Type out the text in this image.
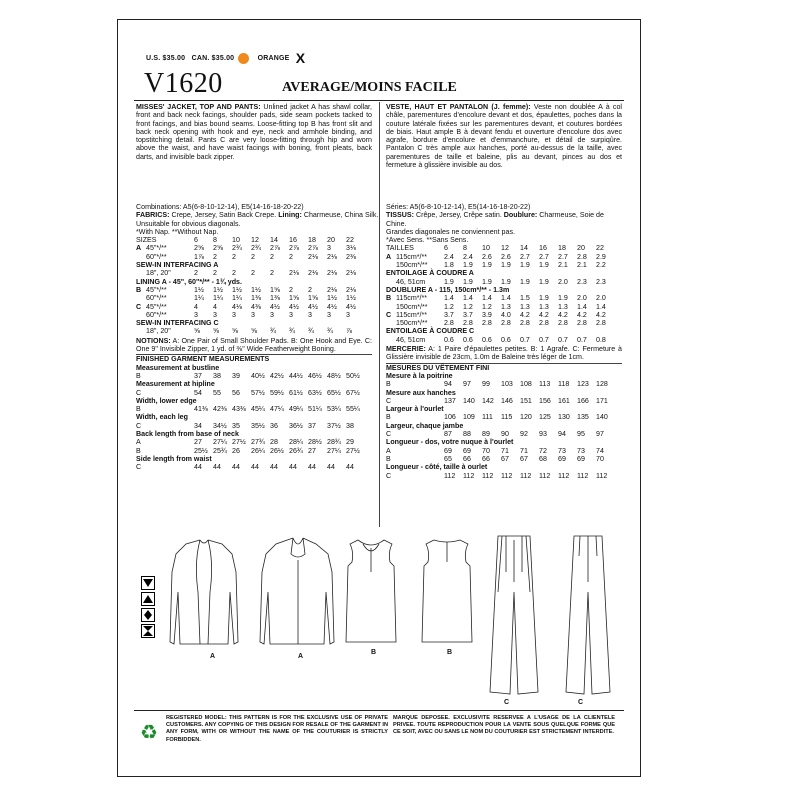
U.S. $35.00 CAN. $35.00	ORANGE X
V1620	AVERAGE/MOINS FACILE
MISSES' JACKET, TOP AND PANTS: Unlined jacket A has shawl collar, front and back neck facings, shoulder pads, side seam pockets tacked to front facings, and bias bound seams. Loose-fitting top B has front slit and back neck opening with hook and eye, neck and armhole binding, and topstitching detail. Pants C are very loose-fitting through hip and worn above the waist, and have waist facings with boning, front pleats, back darts, and invisible back zipper.
Combinations: A5(6-8-10-12-14), E5(14-16-18-20-22)
FABRICS: Crepe, Jersey, Satin Back Crepe. Lining: Charmeuse, China Silk.
Unsuitable for obvious diagonals.
*With Nap. **Without Nap.
SIZES		6	8	10	12	14	16	18	20	22
A	45"*/**	2⅝	2⅝	2¾	2¾	2⅞	2⅞	2⅞	3	3⅛
	60"*/**	1⅞	2	2	2	2	2	2⅛	2⅛	2⅜
SEW-IN INTERFACING A										
	18", 20"	2	2	2	2	2	2⅛	2⅛	2⅛	2⅛
LINING A - 45", 60"*/** - 1¾ yds.										
B	45"*/**	1½	1½	1½	1½	1⅝	2	2	2⅛	2⅛
	60"*/**	1¼	1¼	1¼	1⅜	1⅜	1⅝	1⅝	1½	1½
C	45"*/**	4	4	4⅛	4⅜	4½	4½	4½	4½	4½
	60"*/**	3	3	3	3	3	3	3	3	3
SEW-IN INTERFACING C										
	18", 20"	⅝	⅝	⅝	⅝	¾	¾	¾	¾	⅞
NOTIONS: A: One Pair of Small Shoulder Pads. B: One Hook and Eye. C: One 9" Invisible Zipper, 1 yd. of ⅜" Wide Featherweight Boning.
FINISHED GARMENT MEASUREMENTS
Measurement at bustline									
B	37	38	39	40½	42½	44½	46½	48½	50½
Measurement at hipline									
C	54	55	56	57½	59½	61½	63½	65½	67½
Width, lower edge									
B	41⅜	42⅜	43⅜	45¼	47¼	49¼	51¼	53¼	55¼
Width, each leg									
C	34	34½	35	35½	36	36½	37	37½	38
Back length from base of neck									
A	27	27¼	27½	27¾	28	28¼	28½	28¾	29
B	25½	25¾	26	26¼	26½	26¾	27	27¼	27½
Side length from waist									
C	44	44	44	44	44	44	44	44	44
VESTE, HAUT ET PANTALON (J. femme): Veste non doublée A à col châle, parementures d'encolure devant et dos, épaulettes, poches dans la couture latérale fixées sur les parementures devant, et coutures bordées de biais. Haut ample B à devant fendu et ouverture d'encolure dos avec agrafe, bordure d'encolure et d'emmanchure, et détail de surpiqûre. Pantalon C très ample aux hanches, porté au-dessus de la taille, avec parementures de taille et baleine, plis au devant, pinces au dos et fermeture à glissière invisible au dos.
Séries: A5(6-8-10-12-14), E5(14-16-18-20-22)
TISSUS: Crêpe, Jersey, Crêpe satin. Doublure: Charmeuse, Soie de Chine.
Grandes diagonales ne conviennent pas.
*Avec Sens. **Sans Sens.
TAILLES		6	8	10	12	14	16	18	20	22
A	115cm*/**	2.4	2.4	2.6	2.6	2.7	2.7	2.7	2.8	2.9
	150cm*/**	1.8	1.9	1.9	1.9	1.9	1.9	2.1	2.1	2.2
ENTOILAGE À COUDRE A										
	46, 51cm	1.9	1.9	1.9	1.9	1.9	1.9	2.0	2.3	2.3
DOUBLURE A - 115, 150cm*/** - 1.3m										
B	115cm*/**	1.4	1.4	1.4	1.4	1.5	1.9	1.9	2.0	2.0
	150cm*/**	1.2	1.2	1.2	1.3	1.3	1.3	1.3	1.4	1.4
C	115cm*/**	3.7	3.7	3.9	4.0	4.2	4.2	4.2	4.2	4.2
	150cm*/**	2.8	2.8	2.8	2.8	2.8	2.8	2.8	2.8	2.8
ENTOILAGE À COUDRE C										
	46, 51cm	0.6	0.6	0.6	0.6	0.7	0.7	0.7	0.7	0.8
MERCERIE: A: 1 Paire d'épaulettes petites. B: 1 Agrafe. C: Fermeture à Glissière invisible de 23cm, 1.0m de Baleine très léger de 1cm.
MESURES DU VÊTEMENT FINI
Mesure à la poitrine									
B	94	97	99	103	108	113	118	123	128
Mesure aux hanches									
C	137	140	142	146	151	156	161	166	171
Largeur à l'ourlet									
B	106	109	111	115	120	125	130	135	140
Largeur, chaque jambe									
C	87	88	89	90	92	93	94	95	97
Longueur - dos, votre nuque à l'ourlet									
A	69	69	70	71	71	72	73	73	74
B	65	66	66	67	67	68	69	69	70
Longueur - côté, taille à ourlet									
C	112	112	112	112	112	112	112	112	112
A	A
B	B
C	C
♻
REGISTERED MODEL: THIS PATTERN IS FOR THE EXCLUSIVE USE OF PRIVATE CUSTOMERS. ANY COPYING OF THIS DESIGN FOR RESALE OF THE GARMENT IN ANY FORM, WITH OR WITHOUT THE NAME OF THE COUTURIER IS STRICTLY FORBIDDEN.
MARQUE DEPOSEE. EXCLUSIVITE RESERVEE A L'USAGE DE LA CLIENTELE PRIVEE. TOUTE REPRODUCTION POUR LA VENTE SOUS QUELQUE FORME QUE CE SOIT, AVEC OU SANS LE NOM DU COUTURIER EST STRICTEMENT INTERDITE.
